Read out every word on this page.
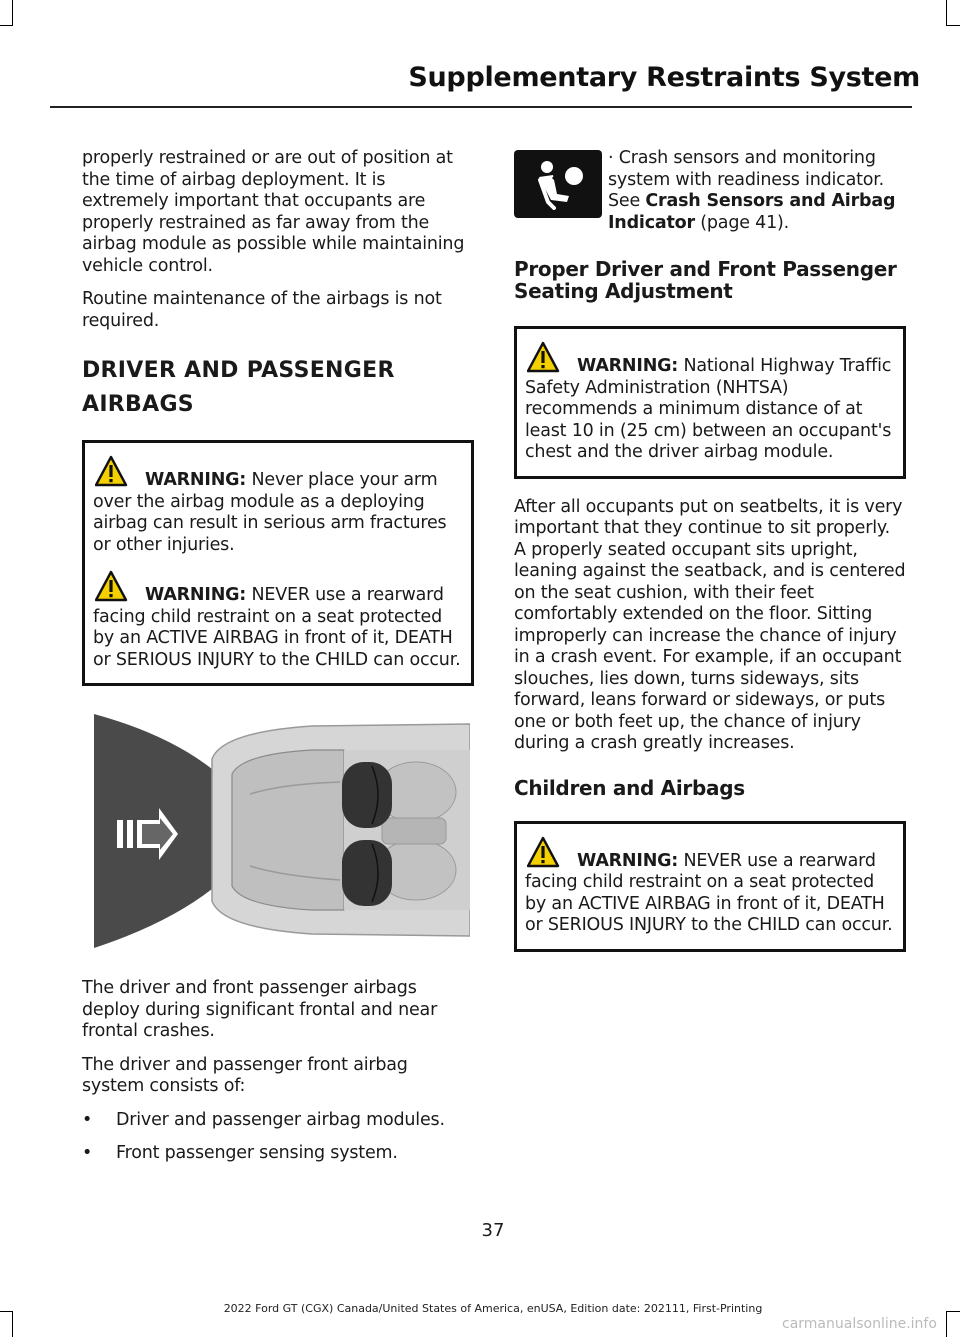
Supplementary Restraints System

properly restrained or are out of position at the time of airbag deployment. It is extremely important that occupants are properly restrained as far away from the airbag module as possible while maintaining vehicle control.

Routine maintenance of the airbags is not required.

DRIVER AND PASSENGER
AIRBAGS

WARNING: Never place your arm over the airbag module as a deploying airbag can result in serious arm fractures or other injuries.

WARNING: NEVER use a rearward facing child restraint on a seat protected by an ACTIVE AIRBAG in front of it, DEATH or SERIOUS INJURY to the CHILD can occur.

The driver and front passenger airbags deploy during significant frontal and near frontal crashes.

The driver and passenger front airbag system consists of:

• Driver and passenger airbag modules.
• Front passenger sensing system.

· Crash sensors and monitoring system with readiness indicator. See Crash Sensors and Airbag Indicator (page 41).

Proper Driver and Front Passenger Seating Adjustment

WARNING: National Highway Traffic Safety Administration (NHTSA) recommends a minimum distance of at least 10 in (25 cm) between an occupant's chest and the driver airbag module.

After all occupants put on seatbelts, it is very important that they continue to sit properly. A properly seated occupant sits upright, leaning against the seatback, and is centered on the seat cushion, with their feet comfortably extended on the floor. Sitting improperly can increase the chance of injury in a crash event. For example, if an occupant slouches, lies down, turns sideways, sits forward, leans forward or sideways, or puts one or both feet up, the chance of injury during a crash greatly increases.

Children and Airbags

WARNING: NEVER use a rearward facing child restraint on a seat protected by an ACTIVE AIRBAG in front of it, DEATH or SERIOUS INJURY to the CHILD can occur.

37
2022 Ford GT (CGX) Canada/United States of America, enUSA, Edition date: 202111, First-Printing
carmanualsonline.info
